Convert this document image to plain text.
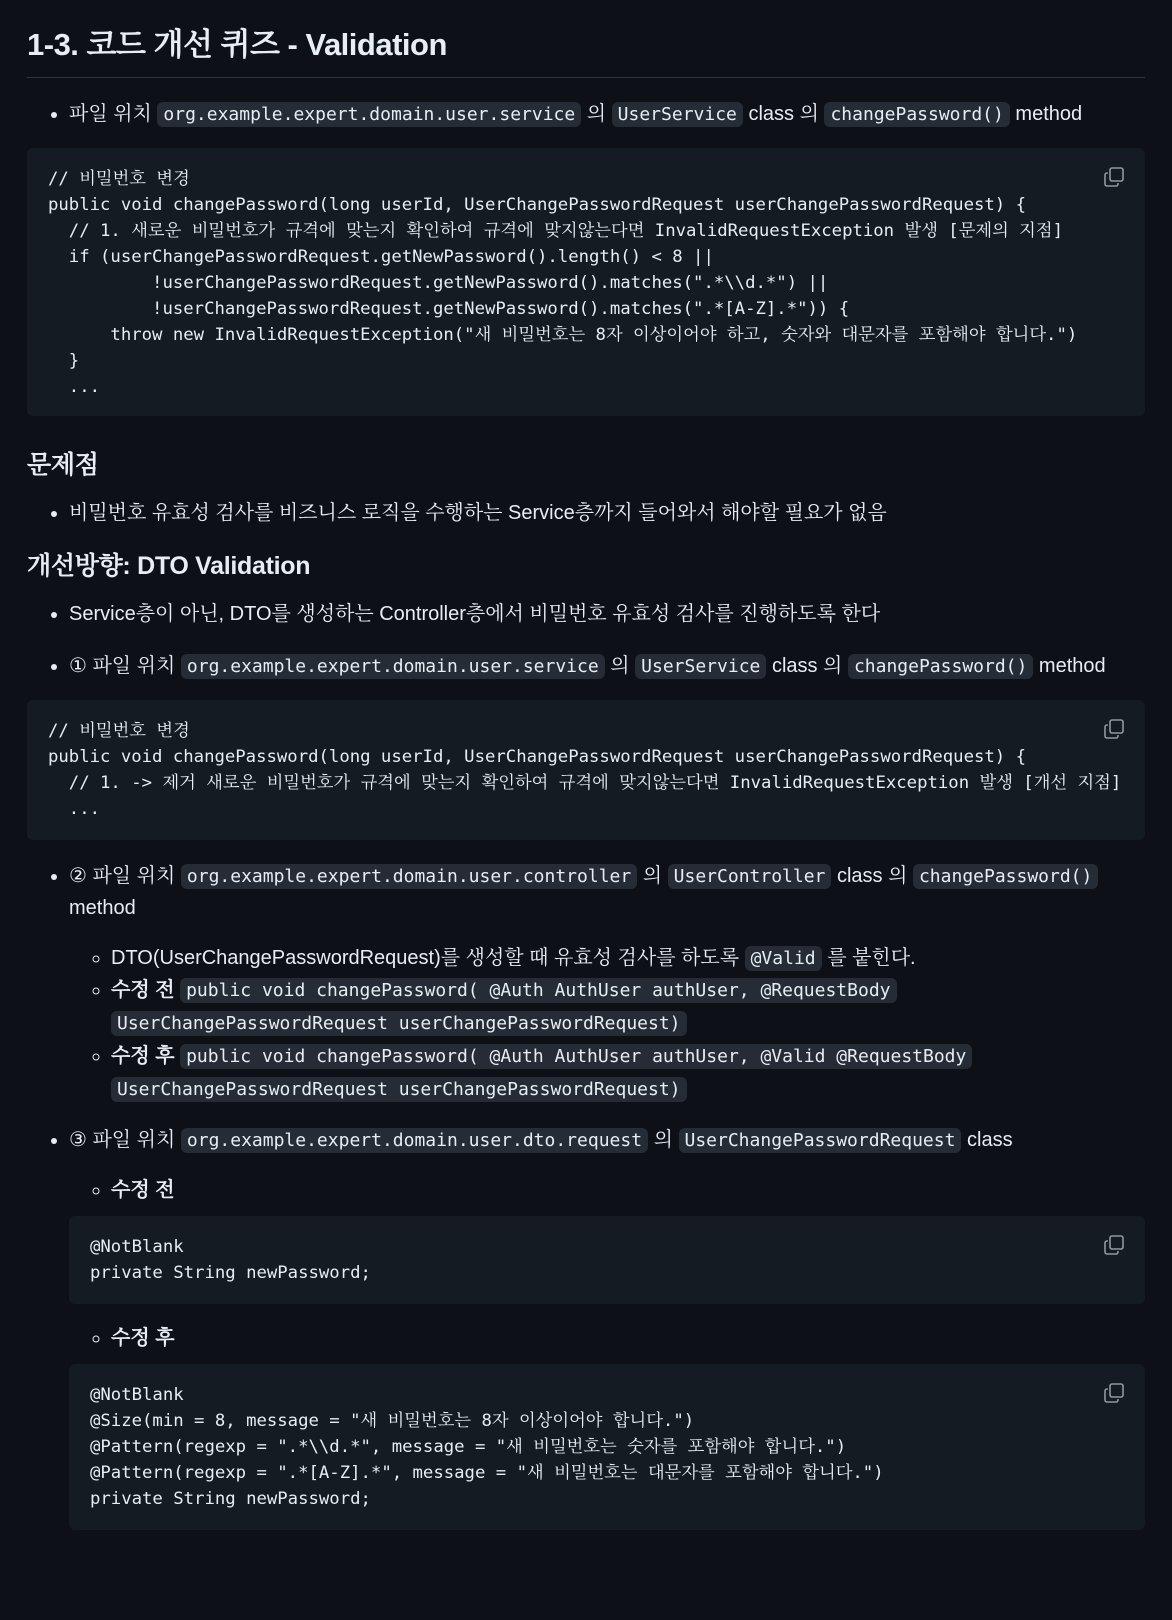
1-3. 코드 개선 퀴즈 - Validation
• 파일 위치 org.example.expert.domain.user.service 의 UserService class 의 changePassword() method
// 비밀번호 변경
public void changePassword(long userId, UserChangePasswordRequest userChangePasswordRequest) {
// 1. 새로운 비밀번호가 규격에 맞는지 확인하여 규격에 맞지않는다면 InvalidRequestException 발생 [문제의 지점]
if (userChangePasswordRequest.getNewPassword().length() < 8 ||
!userChangePasswordRequest.getNewPassword().matches(".*\\d.*") ||
!userChangePasswordRequest.getNewPassword().matches(".*[A-Z].*")) {
throw new InvalidRequestException("새 비밀번호는 8자 이상이어야 하고, 숫자와 대문자를 포함해야 합니다.")
}
...
문제점
• 비밀번호 유효성 검사를 비즈니스 로직을 수행하는 Service층까지 들어와서 해야할 필요가 없음
개선방향: DTO Validation
• Service층이 아닌, DTO를 생성하는 Controller층에서 비밀번호 유효성 검사를 진행하도록 한다
• ① 파일 위치 org.example.expert.domain.user.service 의 UserService class 의 changePassword() method
// 비밀번호 변경
public void changePassword(long userId, UserChangePasswordRequest userChangePasswordRequest) {
// 1. -> 제거 새로운 비밀번호가 규격에 맞는지 확인하여 규격에 맞지않는다면 InvalidRequestException 발생 [개선 지점]
...
• ② 파일 위치 org.example.expert.domain.user.controller 의 UserController class 의 changePassword() method
◦ DTO(UserChangePasswordRequest)를 생성할 때 유효성 검사를 하도록 @Valid 를 붙힌다.
◦ 수정 전 public void changePassword( @Auth AuthUser authUser, @RequestBody
UserChangePasswordRequest userChangePasswordRequest)
◦ 수정 후 public void changePassword( @Auth AuthUser authUser, @Valid @RequestBody
UserChangePasswordRequest userChangePasswordRequest)
• ③ 파일 위치 org.example.expert.domain.user.dto.request 의 UserChangePasswordRequest class
◦ 수정 전
@NotBlank
private String newPassword;
◦ 수정 후
@NotBlank
@Size(min = 8, message = "새 비밀번호는 8자 이상이어야 합니다.")
@Pattern(regexp = ".*\\d.*", message = "새 비밀번호는 숫자를 포함해야 합니다.")
@Pattern(regexp = ".*[A-Z].*", message = "새 비밀번호는 대문자를 포함해야 합니다.")
private String newPassword;
